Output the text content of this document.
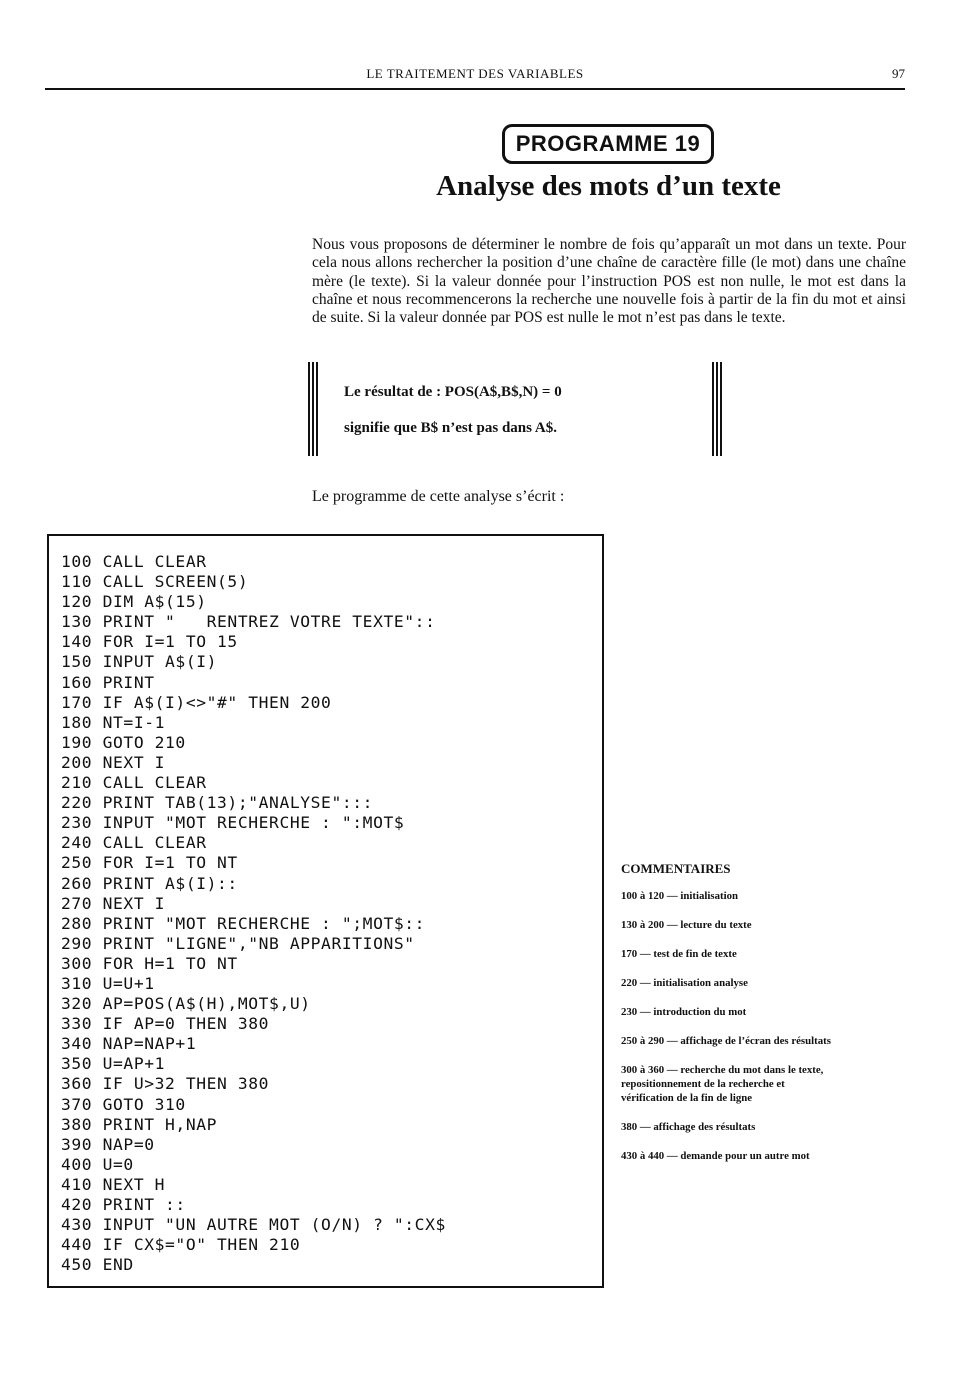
LE TRAITEMENT DES VARIABLES	97
PROGRAMME 19
Analyse des mots d’un texte

Nous vous proposons de déterminer le nombre de fois qu’apparaît un mot dans un texte. Pour cela nous allons rechercher la position d’une chaîne de caractère fille (le mot) dans une chaîne mère (le texte). Si la valeur donnée pour l’instruction POS est non nulle, le mot est dans la chaîne et nous recommencerons la recherche une nouvelle fois à partir de la fin du mot et ainsi de suite. Si la valeur donnée par POS est nulle le mot n’est pas dans le texte.

Le résultat de : POS(A$,B$,N) = 0

signifie que B$ n’est pas dans A$.

Le programme de cette analyse s’écrit :

100 CALL CLEAR
110 CALL SCREEN(5)
120 DIM A$(15)
130 PRINT "   RENTREZ VOTRE TEXTE"::
140 FOR I=1 TO 15
150 INPUT A$(I)
160 PRINT
170 IF A$(I)<>"#" THEN 200
180 NT=I-1
190 GOTO 210
200 NEXT I
210 CALL CLEAR
220 PRINT TAB(13);"ANALYSE":::
230 INPUT "MOT RECHERCHE : ":MOT$
240 CALL CLEAR
250 FOR I=1 TO NT
260 PRINT A$(I)::
270 NEXT I
280 PRINT "MOT RECHERCHE : ";MOT$::
290 PRINT "LIGNE","NB APPARITIONS"
300 FOR H=1 TO NT
310 U=U+1
320 AP=POS(A$(H),MOT$,U)
330 IF AP=0 THEN 380
340 NAP=NAP+1
350 U=AP+1
360 IF U>32 THEN 380
370 GOTO 310
380 PRINT H,NAP
390 NAP=0
400 U=0
410 NEXT H
420 PRINT ::
430 INPUT "UN AUTRE MOT (O/N) ? ":CX$
440 IF CX$="O" THEN 210
450 END

COMMENTAIRES

100 à 120 — initialisation
130 à 200 — lecture du texte
170 — test de fin de texte
220 — initialisation analyse
230 — introduction du mot
250 à 290 — affichage de l’écran des résultats
300 à 360 — recherche du mot dans le texte,
repositionnement de la recherche et
vérification de la fin de ligne
380 — affichage des résultats
430 à 440 — demande pour un autre mot
